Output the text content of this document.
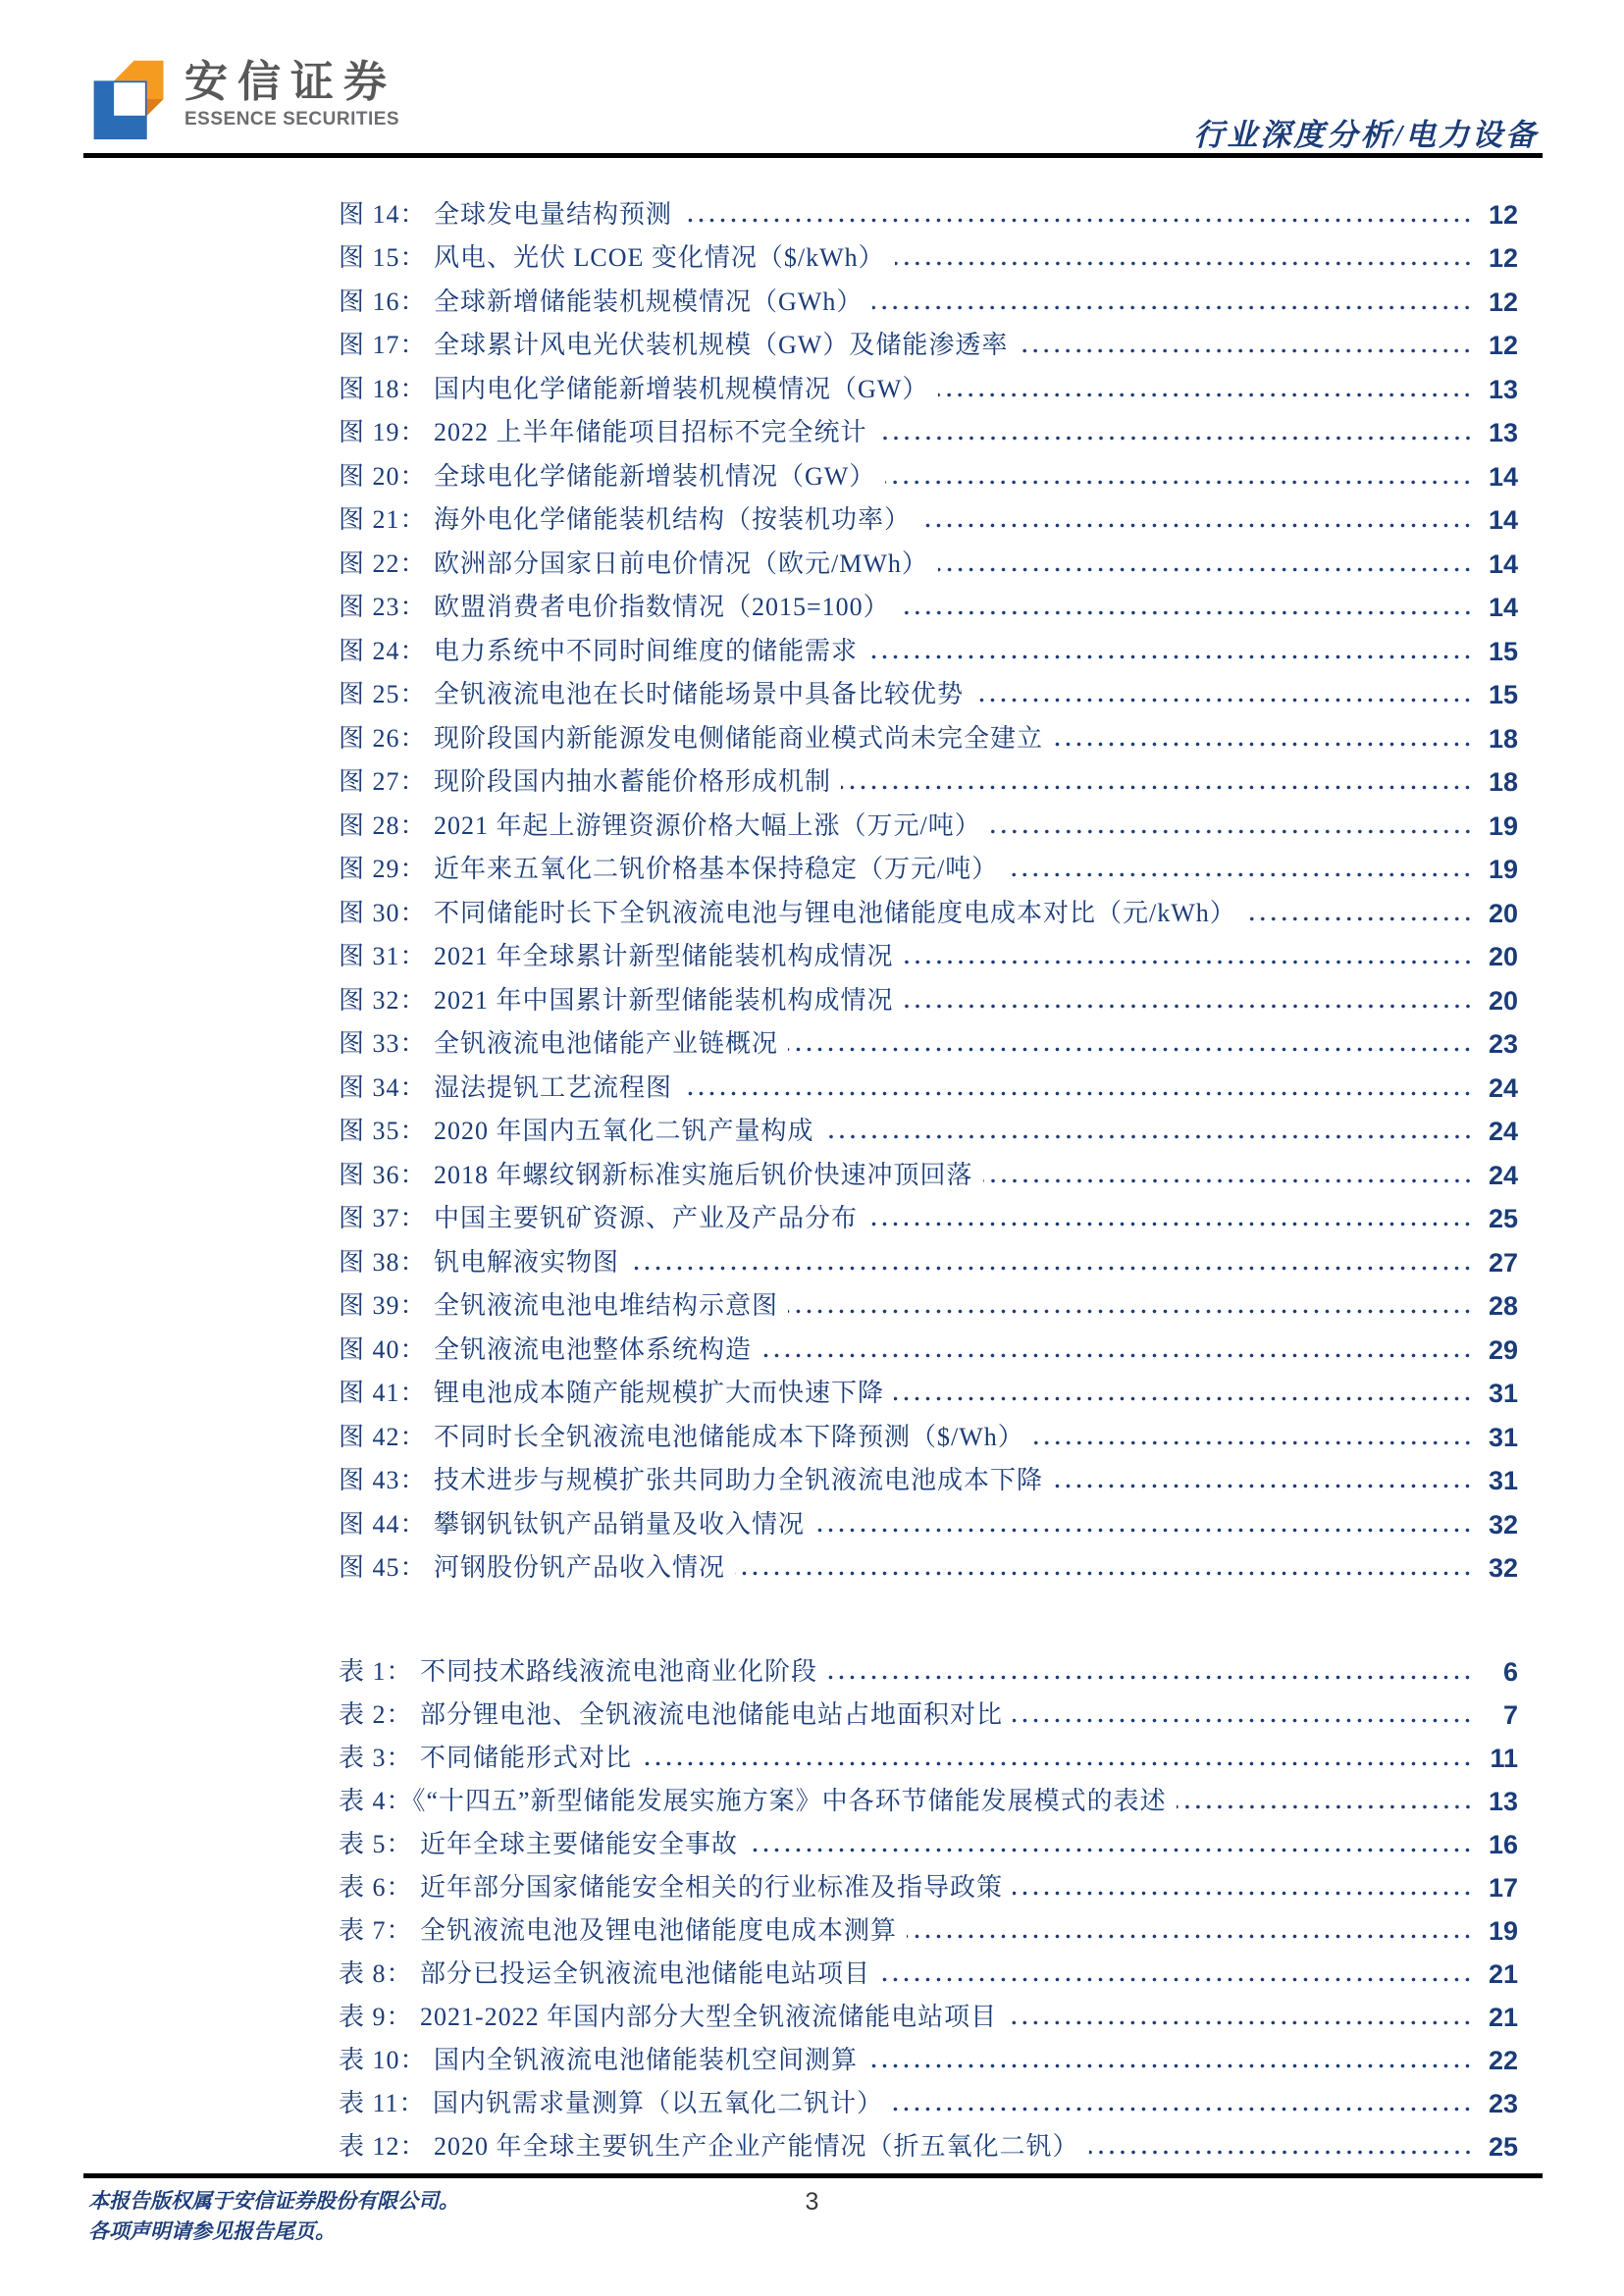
安信证券
ESSENCE SECURITIES	行业深度分析/电力设备
图 14： 全球发电量结构预测	12
图 15： 风电、光伏 LCOE 变化情况（$/kWh）	12
图 16： 全球新增储能装机规模情况（GWh）	12
图 17： 全球累计风电光伏装机规模（GW）及储能渗透率	12
图 18： 国内电化学储能新增装机规模情况（GW）	13
图 19： 2022 上半年储能项目招标不完全统计	13
图 20： 全球电化学储能新增装机情况（GW）	14
图 21： 海外电化学储能装机结构（按装机功率）	14
图 22： 欧洲部分国家日前电价情况（欧元/MWh）	14
图 23： 欧盟消费者电价指数情况（2015=100）	14
图 24： 电力系统中不同时间维度的储能需求	15
图 25： 全钒液流电池在长时储能场景中具备比较优势	15
图 26： 现阶段国内新能源发电侧储能商业模式尚未完全建立	18
图 27： 现阶段国内抽水蓄能价格形成机制	18
图 28： 2021 年起上游锂资源价格大幅上涨（万元/吨）	19
图 29： 近年来五氧化二钒价格基本保持稳定（万元/吨）	19
图 30： 不同储能时长下全钒液流电池与锂电池储能度电成本对比（元/kWh）	20
图 31： 2021 年全球累计新型储能装机构成情况	20
图 32： 2021 年中国累计新型储能装机构成情况	20
图 33： 全钒液流电池储能产业链概况	23
图 34： 湿法提钒工艺流程图	24
图 35： 2020 年国内五氧化二钒产量构成	24
图 36： 2018 年螺纹钢新标准实施后钒价快速冲顶回落	24
图 37： 中国主要钒矿资源、产业及产品分布	25
图 38： 钒电解液实物图	27
图 39： 全钒液流电池电堆结构示意图	28
图 40： 全钒液流电池整体系统构造	29
图 41： 锂电池成本随产能规模扩大而快速下降	31
图 42： 不同时长全钒液流电池储能成本下降预测（$/Wh）	31
图 43： 技术进步与规模扩张共同助力全钒液流电池成本下降	31
图 44： 攀钢钒钛钒产品销量及收入情况	32
图 45： 河钢股份钒产品收入情况	32
表 1： 不同技术路线液流电池商业化阶段	6
表 2： 部分锂电池、全钒液流电池储能电站占地面积对比	7
表 3： 不同储能形式对比	11
表 4：《“十四五”新型储能发展实施方案》中各环节储能发展模式的表述	13
表 5： 近年全球主要储能安全事故	16
表 6： 近年部分国家储能安全相关的行业标准及指导政策	17
表 7： 全钒液流电池及锂电池储能度电成本测算	19
表 8： 部分已投运全钒液流电池储能电站项目	21
表 9： 2021-2022 年国内部分大型全钒液流储能电站项目	21
表 10： 国内全钒液流电池储能装机空间测算	22
表 11： 国内钒需求量测算（以五氧化二钒计）	23
表 12： 2020 年全球主要钒生产企业产能情况（折五氧化二钒）	25
本报告版权属于安信证券股份有限公司。
各项声明请参见报告尾页。
3
